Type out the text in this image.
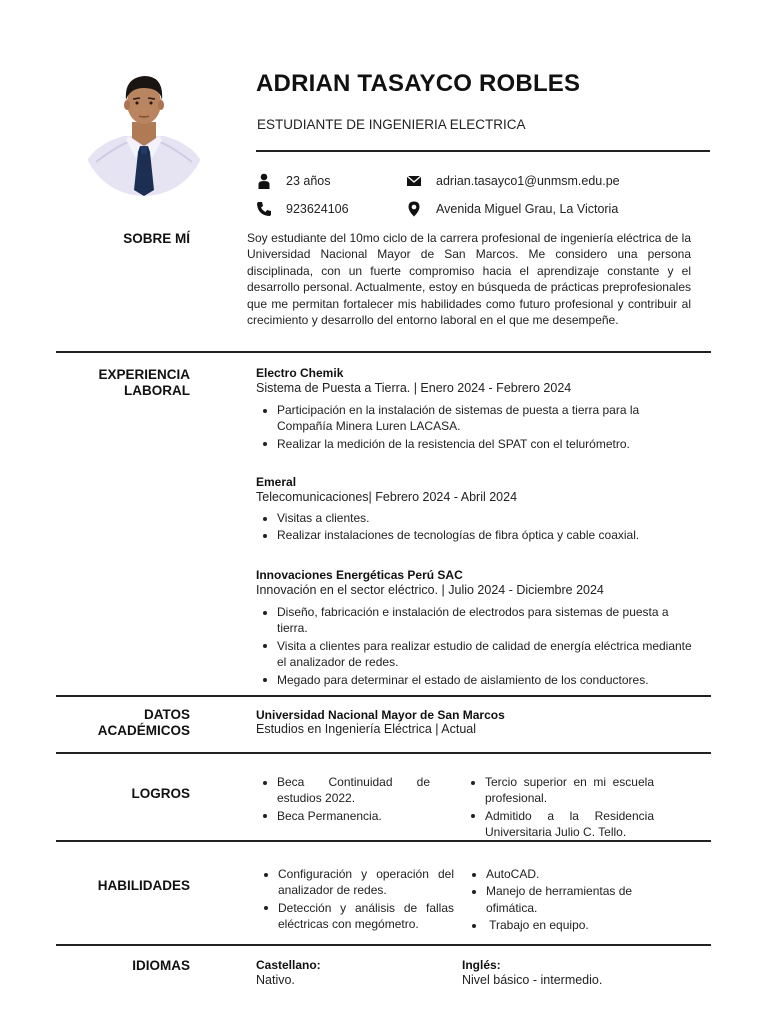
ADRIAN TASAYCO ROBLES
ESTUDIANTE DE INGENIERIA ELECTRICA
23 años	adrian.tasayco1@unmsm.edu.pe
923624106	Avenida Miguel Grau, La Victoria
SOBRE MÍ	Soy estudiante del 10mo ciclo de la carrera profesional de ingeniería eléctrica de la Universidad Nacional Mayor de San Marcos. Me considero una persona disciplinada, con un fuerte compromiso hacia el aprendizaje constante y el desarrollo personal. Actualmente, estoy en búsqueda de prácticas preprofesionales que me permitan fortalecer mis habilidades como futuro profesional y contribuir al crecimiento y desarrollo del entorno laboral en el que me desempeñe.

EXPERIENCIA
LABORAL
Electro Chemik
Sistema de Puesta a Tierra. | Enero 2024 - Febrero 2024
Participación en la instalación de sistemas de puesta a tierra para la Compañía Minera Luren LACASA.
Realizar la medición de la resistencia del SPAT con el telurómetro.
Emeral
Telecomunicaciones| Febrero 2024 - Abril 2024
Visitas a clientes.
Realizar instalaciones de tecnologías de fibra óptica y cable coaxial.
Innovaciones Energéticas Perú SAC
Innovación en el sector eléctrico. | Julio 2024 - Diciembre 2024
Diseño, fabricación e instalación de electrodos para sistemas de puesta a tierra.
Visita a clientes para realizar estudio de calidad de energía eléctrica mediante el analizador de redes.
Megado para determinar el estado de aislamiento de los conductores.
DATOS
ACADÉMICOS
Universidad Nacional Mayor de San Marcos
Estudios en Ingeniería Eléctrica | Actual
LOGROS
Beca Continuidad de estudios 2022.
Beca Permanencia.
Tercio superior en mi escuela profesional.
Admitido a la Residencia Universitaria Julio C. Tello.
HABILIDADES
Configuración y operación del analizador de redes.
Detección y análisis de fallas eléctricas con megómetro.
AutoCAD.
Manejo de herramientas de ofimática.
Trabajo en equipo.
IDIOMAS	Castellano:
Nativo.
Inglés:
Nivel básico - intermedio.
